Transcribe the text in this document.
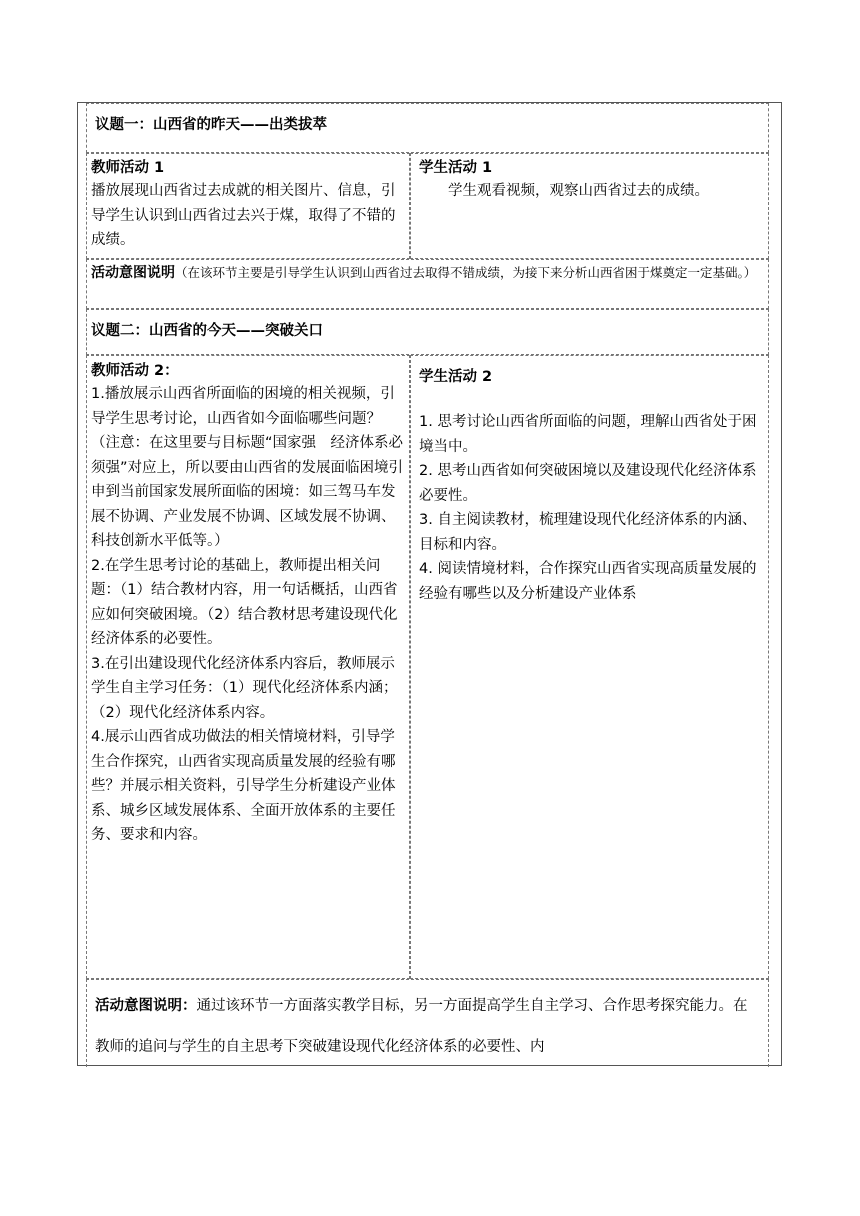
议题一：山西省的昨天——出类拔萃
教师活动 1

播放展现山西省过去成就的相关图片、信息，引导学生认识到山西省过去兴于煤，取得了不错的成绩。

学生活动 1

学生观看视频，观察山西省过去的成绩。

活动意图说明（在该环节主要是引导学生认识到山西省过去取得不错成绩，为接下来分析山西省困于煤奠定一定基础。）

议题二：山西省的今天——突破关口
教师活动 2：

1.播放展示山西省所面临的困境的相关视频，引导学生思考讨论，山西省如今面临哪些问题？（注意：在这里要与目标题“国家强　经济体系必须强”对应上，所以要由山西省的发展面临困境引申到当前国家发展所面临的困境：如三驾马车发展不协调、产业发展不协调、区域发展不协调、科技创新水平低等。）

2.在学生思考讨论的基础上，教师提出相关问题：（1）结合教材内容，用一句话概括，山西省应如何突破困境。（2）结合教材思考建设现代化经济体系的必要性。

3.在引出建设现代化经济体系内容后，教师展示学生自主学习任务：（1）现代化经济体系内涵；（2）现代化经济体系内容。

4.展示山西省成功做法的相关情境材料，引导学生合作探究，山西省实现高质量发展的经验有哪些？并展示相关资料，引导学生分析建设产业体系、城乡区域发展体系、全面开放体系的主要任务、要求和内容。

学生活动 2

1. 思考讨论山西省所面临的问题，理解山西省处于困境当中。

2. 思考山西省如何突破困境以及建设现代化经济体系必要性。

3. 自主阅读教材，梳理建设现代化经济体系的内涵、目标和内容。

4. 阅读情境材料，合作探究山西省实现高质量发展的经验有哪些以及分析建设产业体系

活动意图说明：通过该环节一方面落实教学目标，另一方面提高学生自主学习、合作思考探究能力。在教师的追问与学生的自主思考下突破建设现代化经济体系的必要性、内
